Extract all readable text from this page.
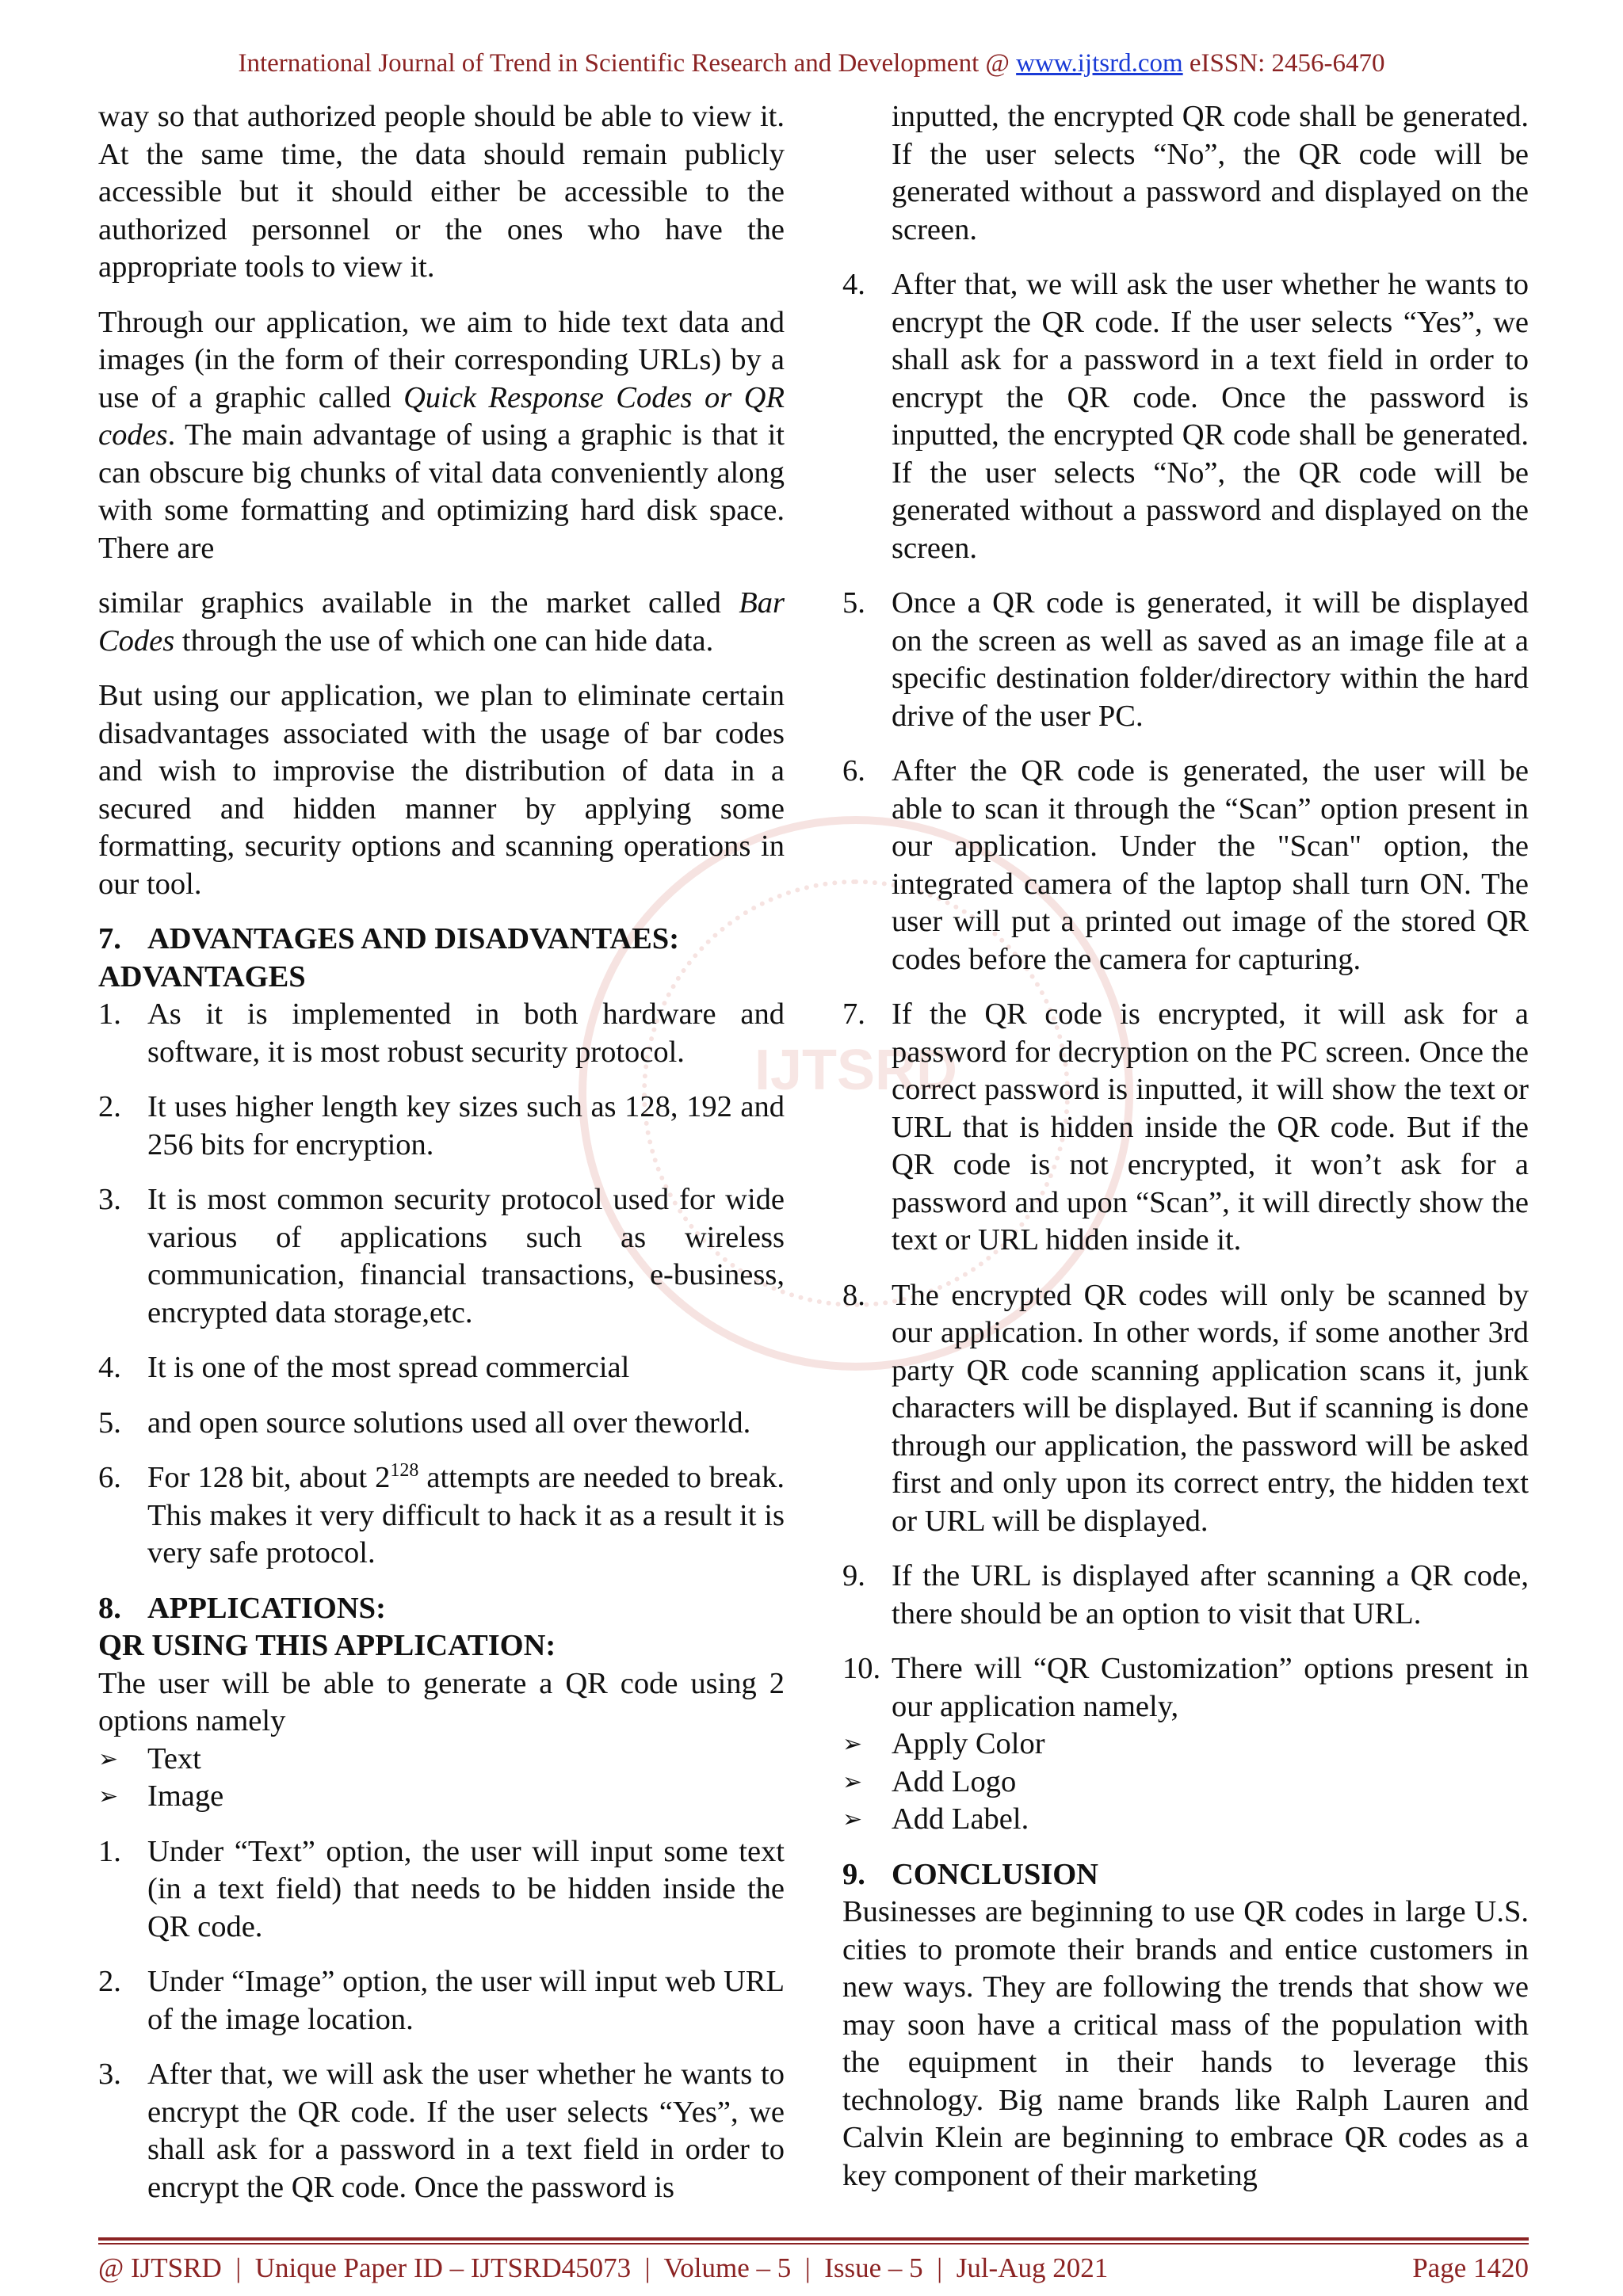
International Journal of Trend in Scientific Research and Development @ www.ijtsrd.com eISSN: 2456-6470
IJTSRD

way so that authorized people should be able to view it. At the same time, the data should remain publicly accessible but it should either be accessible to the authorized personnel or the ones who have the appropriate tools to view it.

Through our application, we aim to hide text data and images (in the form of their corresponding URLs) by a use of a graphic called Quick Response Codes or QR codes. The main advantage of using a graphic is that it can obscure big chunks of vital data conveniently along with some formatting and optimizing hard disk space. There are

similar graphics available in the market called Bar Codes through the use of which one can hide data.

But using our application, we plan to eliminate certain disadvantages associated with the usage of bar codes and wish to improvise the distribution of data in a secured and hidden manner by applying some formatting, security options and scanning operations in our tool.

7. ADVANTAGES AND DISADVANTAES:
ADVANTAGES
1. As it is implemented in both hardware and software, it is most robust security protocol.
2. It uses higher length key sizes such as 128, 192 and 256 bits for encryption.
3. It is most common security protocol used for wide various of applications such as wireless communication, financial transactions, e-business, encrypted data storage,etc.
4. It is one of the most spread commercial
5. and open source solutions used all over theworld.
6. For 128 bit, about $2^{128}$ attempts are needed to break. This makes it very difficult to hack it as a result it is very safe protocol.
8. APPLICATIONS:
QR USING THIS APPLICATION:

The user will be able to generate a QR code using 2 options namely

➢ Text
➢ Image
1. Under “Text” option, the user will input some text (in a text field) that needs to be hidden inside the QR code.
2. Under “Image” option, the user will input web URL of the image location.
3. After that, we will ask the user whether he wants to encrypt the QR code. If the user selects “Yes”, we shall ask for a password in a text field in order to encrypt the QR code. Once the password is
inputted, the encrypted QR code shall be generated. If the user selects “No”, the QR code will be generated without a password and displayed on the screen.
4. After that, we will ask the user whether he wants to encrypt the QR code. If the user selects “Yes”, we shall ask for a password in a text field in order to encrypt the QR code. Once the password is inputted, the encrypted QR code shall be generated. If the user selects “No”, the QR code will be generated without a password and displayed on the screen.
5. Once a QR code is generated, it will be displayed on the screen as well as saved as an image file at a specific destination folder/directory within the hard drive of the user PC.
6. After the QR code is generated, the user will be able to scan it through the “Scan” option present in our application. Under the "Scan" option, the integrated camera of the laptop shall turn ON. The user will put a printed out image of the stored QR codes before the camera for capturing.
7. If the QR code is encrypted, it will ask for a password for decryption on the PC screen. Once the correct password is inputted, it will show the text or URL that is hidden inside the QR code. But if the QR code is not encrypted, it won’t ask for a password and upon “Scan”, it will directly show the text or URL hidden inside it.
8. The encrypted QR codes will only be scanned by our application. In other words, if some another 3rd party QR code scanning application scans it, junk characters will be displayed. But if scanning is done through our application, the password will be asked first and only upon its correct entry, the hidden text or URL will be displayed.
9. If the URL is displayed after scanning a QR code, there should be an option to visit that URL.
10. There will “QR Customization” options present in our application namely,
➢ Apply Color
➢ Add Logo
➢ Add Label.
9. CONCLUSION

Businesses are beginning to use QR codes in large U.S. cities to promote their brands and entice customers in new ways. They are following the trends that show we may soon have a critical mass of the population with the equipment in their hands to leverage this technology. Big name brands like Ralph Lauren and Calvin Klein are beginning to embrace QR codes as a key component of their marketing

@ IJTSRD  |  Unique Paper ID – IJTSRD45073  |  Volume – 5  |  Issue – 5  |  Jul-Aug 2021	Page 1420
